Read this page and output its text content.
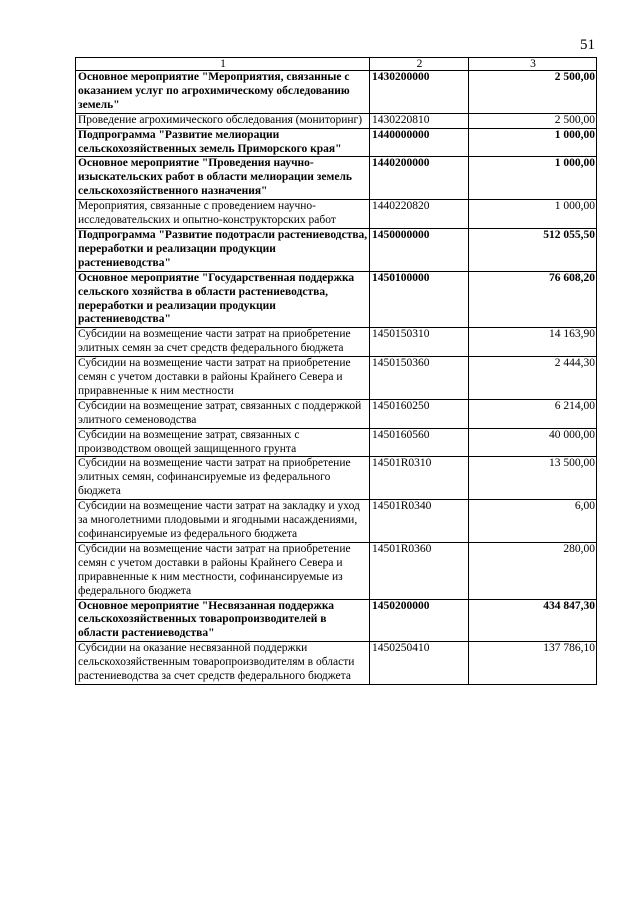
51
1	2	3
Основное мероприятие "Мероприятия, связанные с оказанием услуг по агрохимическому обследованию земель"	1430200000	2 500,00
Проведение агрохимического обследования (мониторинг)	1430220810	2 500,00
Подпрограмма "Развитие мелиорации сельскохозяйственных земель Приморского края"	1440000000	1 000,00
Основное мероприятие "Проведения научно-изыскательских работ в области мелиорации земель сельскохозяйственного назначения"	1440200000	1 000,00
Мероприятия, связанные с проведением научно-исследовательских и опытно-конструкторских работ	1440220820	1 000,00
Подпрограмма "Развитие подотрасли растениеводства, переработки и реализации продукции растениеводства"	1450000000	512 055,50
Основное мероприятие "Государственная поддержка сельского хозяйства в области растениеводства, переработки и реализации продукции растениеводства"	1450100000	76 608,20
Субсидии на возмещение части затрат на приобретение элитных семян за счет средств федерального бюджета	1450150310	14 163,90
Субсидии на возмещение части затрат на приобретение семян с учетом доставки в районы Крайнего Севера и приравненные к ним местности	1450150360	2 444,30
Субсидии на возмещение затрат, связанных с поддержкой элитного семеноводства	1450160250	6 214,00
Субсидии на возмещение затрат, связанных с производством овощей защищенного грунта	1450160560	40 000,00
Субсидии на возмещение части затрат на приобретение элитных семян, софинансируемые из федерального бюджета	14501R0310	13 500,00
Субсидии на возмещение части затрат на закладку и уход за многолетними плодовыми и ягодными насаждениями, софинансируемые из федерального бюджета	14501R0340	6,00
Субсидии на возмещение части затрат на приобретение семян с учетом доставки в районы Крайнего Севера и приравненные к ним местности, софинансируемые из федерального бюджета	14501R0360	280,00
Основное мероприятие "Несвязанная поддержка сельскохозяйственных товаропроизводителей в области растениеводства"	1450200000	434 847,30
Субсидии на оказание несвязанной поддержки сельскохозяйственным товаропроизводителям в области растениеводства за счет средств федерального бюджета	1450250410	137 786,10
